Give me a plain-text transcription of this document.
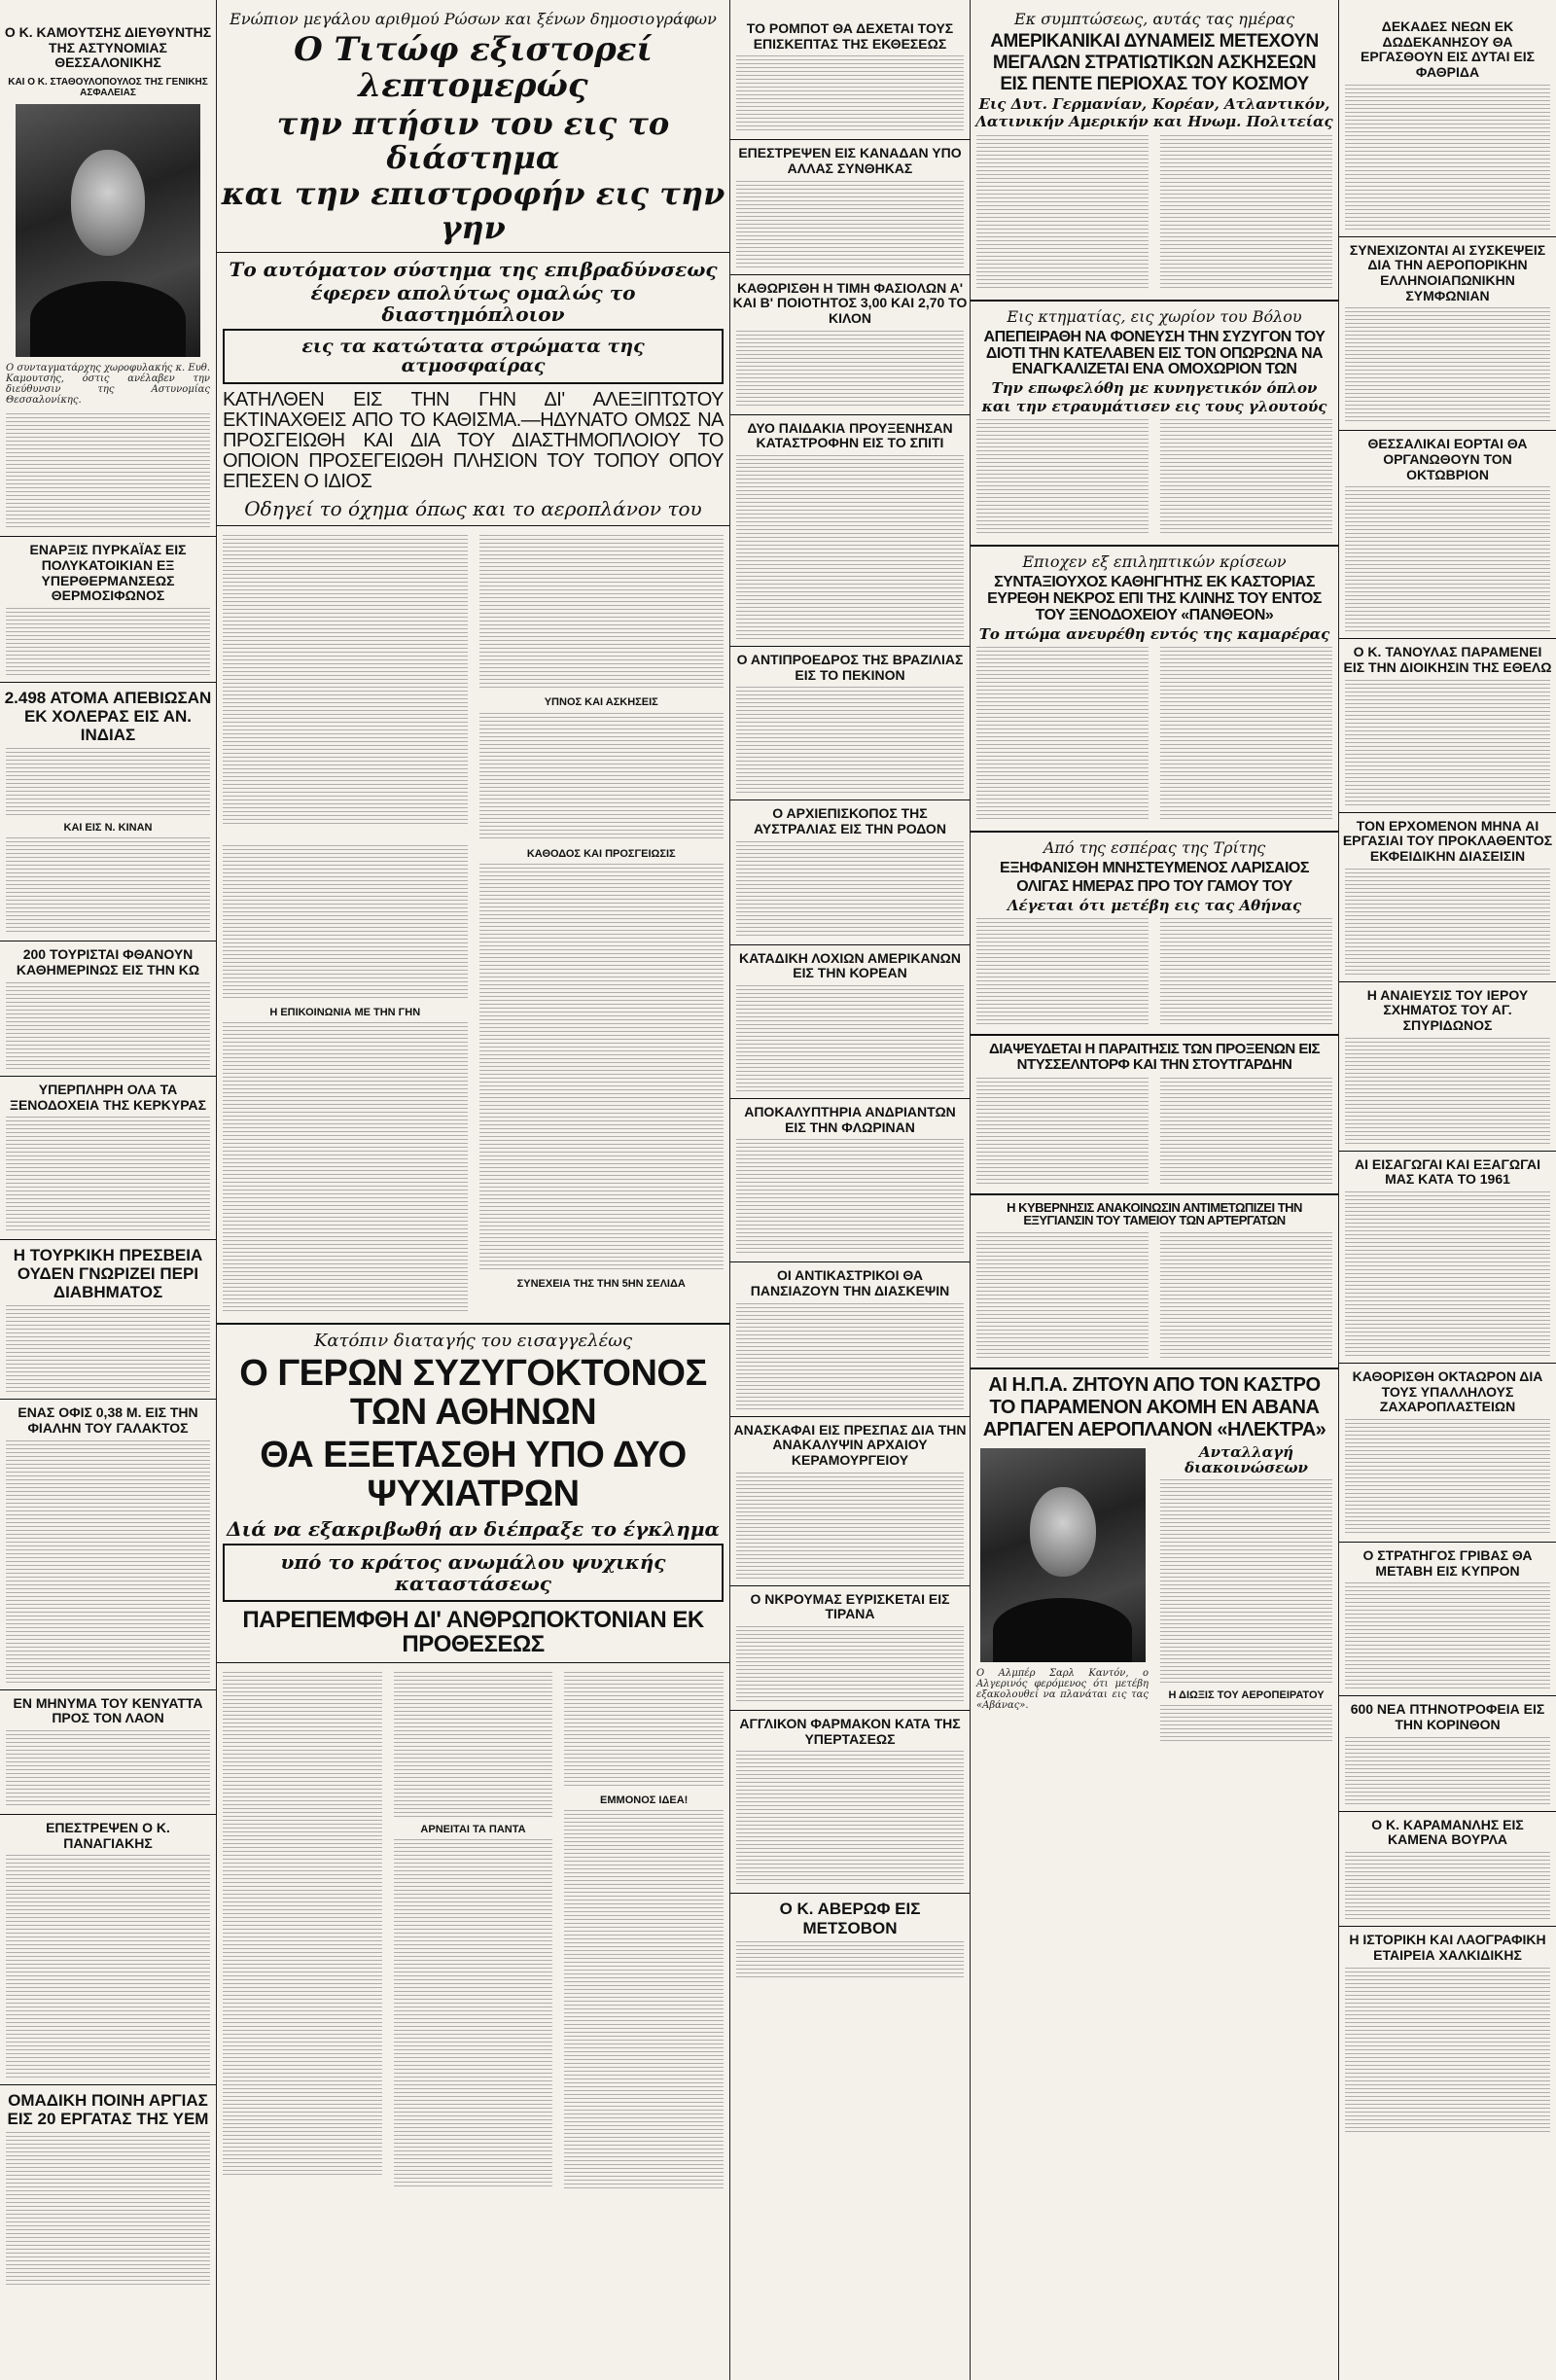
Ο Κ. ΚΑΜΟΥΤΣΗΣ ΔΙΕΥΘΥΝΤΗΣ ΤΗΣ ΑΣΤΥΝΟΜΙΑΣ ΘΕΣΣΑΛΟΝΙΚΗΣ
ΚΑΙ Ο Κ. ΣΤΑΘΟΥΛΟΠΟΥΛΟΣ ΤΗΣ ΓΕΝΙΚΗΣ ΑΣΦΑΛΕΙΑΣ
Ο συνταγματάρχης χωροφυλακής κ. Ευθ. Καμουτσής, όστις ανέλαβεν την διεύθυνσιν της Αστυνομίας Θεσσαλονίκης.
ΕΝΑΡΞΙΣ ΠΥΡΚΑΪΑΣ ΕΙΣ ΠΟΛΥΚΑΤΟΙΚΙΑΝ ΕΞ ΥΠΕΡΘΕΡΜΑΝΣΕΩΣ ΘΕΡΜΟΣΙΦΩΝΟΣ
2.498 ΑΤΟΜΑ ΑΠΕΒΙΩΣΑΝ ΕΚ ΧΟΛΕΡΑΣ ΕΙΣ ΑΝ. ΙΝΔΙΑΣ
ΚΑΙ ΕΙΣ Ν. ΚΙΝΑΝ
200 ΤΟΥΡΙΣΤΑΙ ΦΘΑΝΟΥΝ ΚΑΘΗΜΕΡΙΝΩΣ ΕΙΣ ΤΗΝ ΚΩ
ΥΠΕΡΠΛΗΡΗ ΟΛΑ ΤΑ ΞΕΝΟΔΟΧΕΙΑ ΤΗΣ ΚΕΡΚΥΡΑΣ
Η ΤΟΥΡΚΙΚΗ ΠΡΕΣΒΕΙΑ ΟΥΔΕΝ ΓΝΩΡΙΖΕΙ ΠΕΡΙ ΔΙΑΒΗΜΑΤΟΣ
ΕΝΑΣ ΟΦΙΣ 0,38 Μ. ΕΙΣ ΤΗΝ ΦΙΑΛΗΝ ΤΟΥ ΓΑΛΑΚΤΟΣ
ΕΝ ΜΗΝΥΜΑ ΤΟΥ ΚΕΝΥΑΤΤΑ ΠΡΟΣ ΤΟΝ ΛΑΟΝ
ΕΠΕΣΤΡΕΨΕΝ Ο Κ. ΠΑΝΑΓΙΑΚΗΣ
ΟΜΑΔΙΚΗ ΠΟΙΝΗ ΑΡΓΙΑΣ ΕΙΣ 20 ΕΡΓΑΤΑΣ ΤΗΣ ΥΕΜ
Ενώπιον μεγάλου αριθμού Ρώσων και ξένων δημοσιογράφων
Ο Τιτώφ εξιστορεί λεπτομερώς
την πτήσιν του εις το διάστημα
και την επιστροφήν εις την γην
Το αυτόματον σύστημα της επιβραδύνσεως
έφερεν απολύτως ομαλώς το διαστημόπλοιον
εις τα κατώτατα στρώματα της ατμοσφαίρας
ΚΑΤΗΛΘΕΝ ΕΙΣ ΤΗΝ ΓΗΝ ΔΙ' ΑΛΕΞΙΠΤΩΤΟΥ ΕΚΤΙΝΑΧΘΕΙΣ ΑΠΟ ΤΟ ΚΑΘΙΣΜΑ.—ΗΔΥΝΑΤΟ ΟΜΩΣ ΝΑ ΠΡΟΣΓΕΙΩΘΗ ΚΑΙ ΔΙΑ ΤΟΥ ΔΙΑΣΤΗΜΟΠΛΟΙΟΥ ΤΟ ΟΠΟΙΟΝ ΠΡΟΣΕΓΕΙΩΘΗ ΠΛΗΣΙΟΝ ΤΟΥ ΤΟΠΟΥ ΟΠΟΥ ΕΠΕΣΕΝ Ο ΙΔΙΟΣ
Οδηγεί το όχημα όπως και το αεροπλάνον του
ΥΠΝΟΣ ΚΑΙ ΑΣΚΗΣΕΙΣ
Η ΕΠΙΚΟΙΝΩΝΙΑ ΜΕ ΤΗΝ ΓΗΝ
ΚΑΘΟΔΟΣ ΚΑΙ ΠΡΟΣΓΕΙΩΣΙΣ
ΣΥΝΕΧΕΙΑ ΤΗΣ ΤΗΝ 5ΗΝ ΣΕΛΙΔΑ
Κατόπιν διαταγής του εισαγγελέως
Ο ΓΕΡΩΝ ΣΥΖΥΓΟΚΤΟΝΟΣ ΤΩΝ ΑΘΗΝΩΝ
ΘΑ ΕΞΕΤΑΣΘΗ ΥΠΟ ΔΥΟ ΨΥΧΙΑΤΡΩΝ
Διά να εξακριβωθή αν διέπραξε το έγκλημα
υπό το κράτος ανωμάλου ψυχικής καταστάσεως
ΠΑΡΕΠΕΜΦΘΗ ΔΙ' ΑΝΘΡΩΠΟΚΤΟΝΙΑΝ ΕΚ ΠΡΟΘΕΣΕΩΣ
ΑΡΝΕΙΤΑΙ ΤΑ ΠΑΝΤΑ
ΕΜΜΟΝΟΣ ΙΔΕΑ!
ΤΟ ΡΟΜΠΟΤ ΘΑ ΔΕΧΕΤΑΙ ΤΟΥΣ ΕΠΙΣΚΕΠΤΑΣ ΤΗΣ ΕΚΘΕΣΕΩΣ
ΕΠΕΣΤΡΕΨΕΝ ΕΙΣ ΚΑΝΑΔΑΝ ΥΠΟ ΑΛΛΑΣ ΣΥΝΘΗΚΑΣ
ΚΑΘΩΡΙΣΘΗ Η ΤΙΜΗ ΦΑΣΙΟΛΩΝ Α' ΚΑΙ Β' ΠΟΙΟΤΗΤΟΣ 3,00 ΚΑΙ 2,70 ΤΟ ΚΙΛΟΝ
ΔΥΟ ΠΑΙΔΑΚΙΑ ΠΡΟΥΞΕΝΗΣΑΝ ΚΑΤΑΣΤΡΟΦΗΝ ΕΙΣ ΤΟ ΣΠΙΤΙ
Ο ΑΝΤΙΠΡΟΕΔΡΟΣ ΤΗΣ ΒΡΑΖΙΛΙΑΣ ΕΙΣ ΤΟ ΠΕΚΙΝΟΝ
Ο ΑΡΧΙΕΠΙΣΚΟΠΟΣ ΤΗΣ ΑΥΣΤΡΑΛΙΑΣ ΕΙΣ ΤΗΝ ΡΟΔΟΝ
ΚΑΤΑΔΙΚΗ ΛΟΧΙΩΝ ΑΜΕΡΙΚΑΝΩΝ ΕΙΣ ΤΗΝ ΚΟΡΕΑΝ
ΑΠΟΚΑΛΥΠΤΗΡΙΑ ΑΝΔΡΙΑΝΤΩΝ ΕΙΣ ΤΗΝ ΦΛΩΡΙΝΑΝ
ΟΙ ΑΝΤΙΚΑΣΤΡΙΚΟΙ ΘΑ ΠΑΝΣΙΑΖΟΥΝ ΤΗΝ ΔΙΑΣΚΕΨΙΝ
ΑΝΑΣΚΑΦΑΙ ΕΙΣ ΠΡΕΣΠΑΣ ΔΙΑ ΤΗΝ ΑΝΑΚΑΛΥΨΙΝ ΑΡΧΑΙΟΥ ΚΕΡΑΜΟΥΡΓΕΙΟΥ
Ο ΝΚΡΟΥΜΑΣ ΕΥΡΙΣΚΕΤΑΙ ΕΙΣ ΤΙΡΑΝΑ
ΑΓΓΛΙΚΟΝ ΦΑΡΜΑΚΟΝ ΚΑΤΑ ΤΗΣ ΥΠΕΡΤΑΣΕΩΣ
Ο Κ. ΑΒΕΡΩΦ ΕΙΣ ΜΕΤΣΟΒΟΝ
Εκ συμπτώσεως, αυτάς τας ημέρας
ΑΜΕΡΙΚΑΝΙΚΑΙ ΔΥΝΑΜΕΙΣ ΜΕΤΕΧΟΥΝ
ΜΕΓΑΛΩΝ ΣΤΡΑΤΙΩΤΙΚΩΝ ΑΣΚΗΣΕΩΝ
ΕΙΣ ΠΕΝΤΕ ΠΕΡΙΟΧΑΣ ΤΟΥ ΚΟΣΜΟΥ
Εις Δυτ. Γερμανίαν, Κορέαν, Ατλαντικόν,
Λατινικήν Αμερικήν και Ηνωμ. Πολιτείας
Εις κτηματίας, εις χωρίον του Βόλου
ΑΠΕΠΕΙΡΑΘΗ ΝΑ ΦΟΝΕΥΣΗ ΤΗΝ ΣΥΖΥΓΟΝ ΤΟΥ ΔΙΟΤΙ ΤΗΝ ΚΑΤΕΛΑΒΕΝ ΕΙΣ ΤΟΝ ΟΠΩΡΩΝΑ ΝΑ ΕΝΑΓΚΑΛΙΖΕΤΑΙ ΕΝΑ ΟΜΟΧΩΡΙΟΝ ΤΩΝ
Την επωφελόθη με κυνηγετικόν όπλον
και την ετραυμάτισεν εις τους γλουτούς
Επιοχεν εξ επιληπτικών κρίσεων
ΣΥΝΤΑΞΙΟΥΧΟΣ ΚΑΘΗΓΗΤΗΣ ΕΚ ΚΑΣΤΟΡΙΑΣ ΕΥΡΕΘΗ ΝΕΚΡΟΣ ΕΠΙ ΤΗΣ ΚΛΙΝΗΣ ΤΟΥ ΕΝΤΟΣ ΤΟΥ ΞΕΝΟΔΟΧΕΙΟΥ «ΠΑΝΘΕΟΝ»
Το πτώμα ανευρέθη εντός της καμαρέρας
Από της εσπέρας της Τρίτης
ΕΞΗΦΑΝΙΣΘΗ ΜΝΗΣΤΕΥΜΕΝΟΣ ΛΑΡΙΣΑΙΟΣ
ΟΛΙΓΑΣ ΗΜΕΡΑΣ ΠΡΟ ΤΟΥ ΓΑΜΟΥ ΤΟΥ
Λέγεται ότι μετέβη εις τας Αθήνας
ΔΙΑΨΕΥΔΕΤΑΙ Η ΠΑΡΑΙΤΗΣΙΣ ΤΩΝ ΠΡΟΞΕΝΩΝ ΕΙΣ ΝΤΥΣΣΕΛΝΤΟΡΦ ΚΑΙ ΤΗΝ ΣΤΟΥΤΓΑΡΔΗΝ
Η ΚΥΒΕΡΝΗΣΙΣ ΑΝΑΚΟΙΝΩΣΙΝ ΑΝΤΙΜΕΤΩΠΙΖΕΙ ΤΗΝ ΕΞΥΓΙΑΝΣΙΝ ΤΟΥ ΤΑΜΕΙΟΥ ΤΩΝ ΑΡΤΕΡΓΑΤΩΝ
ΑΙ Η.Π.Α. ΖΗΤΟΥΝ ΑΠΟ ΤΟΝ ΚΑΣΤΡΟ
ΤΟ ΠΑΡΑΜΕΝΟΝ ΑΚΟΜΗ ΕΝ ΑΒΑΝΑ
ΑΡΠΑΓΕΝ ΑΕΡΟΠΛΑΝΟΝ «ΗΛΕΚΤΡΑ»
Ο Αλμπέρ Σαρλ Καντόν, ο Αλγερινός φερόμενος ότι μετέβη εξακολουθεί να πλανάται εις τας «Αβάνας».
Ανταλλαγή διακοινώσεων
Η ΔΙΩΞΙΣ ΤΟΥ ΑΕΡΟΠΕΙΡΑΤΟΥ
ΔΕΚΑΔΕΣ ΝΕΩΝ ΕΚ ΔΩΔΕΚΑΝΗΣΟΥ ΘΑ ΕΡΓΑΣΘΟΥΝ ΕΙΣ ΔΥΤΑΙ ΕΙΣ ΦΑΘΡΙΔΑ
ΣΥΝΕΧΙΖΟΝΤΑΙ ΑΙ ΣΥΣΚΕΨΕΙΣ ΔΙΑ ΤΗΝ ΑΕΡΟΠΟΡΙΚΗΝ ΕΛΛΗΝΟΙΑΠΩΝΙΚΗΝ ΣΥΜΦΩΝΙΑΝ
ΘΕΣΣΑΛΙΚΑΙ ΕΟΡΤΑΙ ΘΑ ΟΡΓΑΝΩΘΟΥΝ ΤΟΝ ΟΚΤΩΒΡΙΟΝ
Ο Κ. ΤΑΝΟΥΛΑΣ ΠΑΡΑΜΕΝΕΙ ΕΙΣ ΤΗΝ ΔΙΟΙΚΗΣΙΝ ΤΗΣ ΕΘΕΛΩ
ΤΟΝ ΕΡΧΟΜΕΝΟΝ ΜΗΝΑ ΑΙ ΕΡΓΑΣΙΑΙ ΤΟΥ ΠΡΟΚΛΑΘΕΝΤΟΣ ΕΚΦΕΙΔΙΚΗΝ ΔΙΑΣΕΙΣΙΝ
Η ΑΝΑΙΕΥΣΙΣ ΤΟΥ ΙΕΡΟΥ ΣΧΗΜΑΤΟΣ ΤΟΥ ΑΓ. ΣΠΥΡΙΔΩΝΟΣ
ΑΙ ΕΙΣΑΓΩΓΑΙ ΚΑΙ ΕΞΑΓΩΓΑΙ ΜΑΣ ΚΑΤΑ ΤΟ 1961
ΚΑΘΟΡΙΣΘΗ ΟΚΤΑΩΡΟΝ ΔΙΑ ΤΟΥΣ ΥΠΑΛΛΗΛΟΥΣ ΖΑΧΑΡΟΠΛΑΣΤΕΙΩΝ
Ο ΣΤΡΑΤΗΓΟΣ ΓΡΙΒΑΣ ΘΑ ΜΕΤΑΒΗ ΕΙΣ ΚΥΠΡΟΝ
600 ΝΕΑ ΠΤΗΝΟΤΡΟΦΕΙΑ ΕΙΣ ΤΗΝ ΚΟΡΙΝΘΟΝ
Ο Κ. ΚΑΡΑΜΑΝΛΗΣ ΕΙΣ ΚΑΜΕΝΑ ΒΟΥΡΛΑ
Η ΙΣΤΟΡΙΚΗ ΚΑΙ ΛΑΟΓΡΑΦΙΚΗ ΕΤΑΙΡΕΙΑ ΧΑΛΚΙΔΙΚΗΣ
